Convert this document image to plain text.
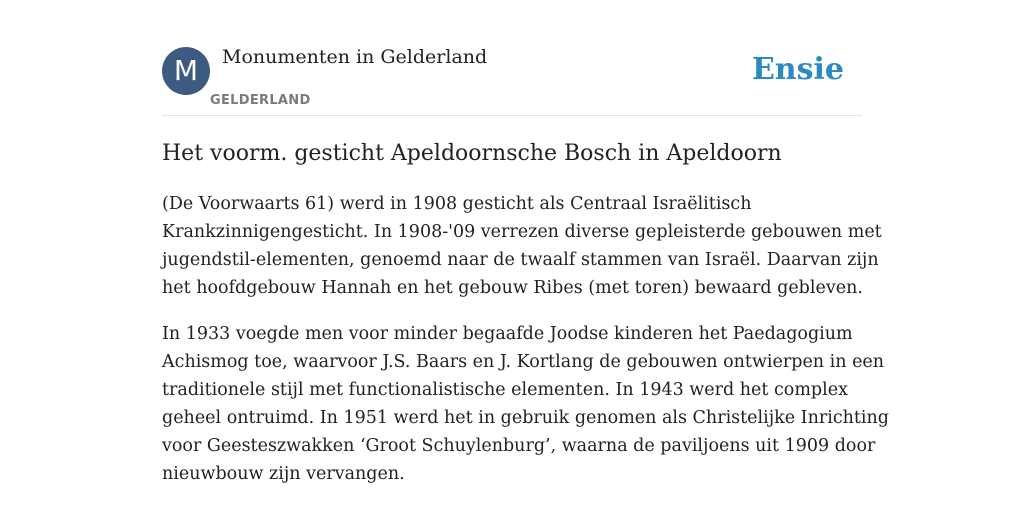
M	Monumenten in Gelderland
GELDERLAND
Ensie
Het voorm. gesticht Apeldoornsche Bosch in Apeldoorn

(De Voorwaarts 61) werd in 1908 gesticht als Centraal Israëlitisch
Krankzinnigengesticht. In 1908-'09 verrezen diverse gepleisterde gebouwen met
jugendstil-elementen, genoemd naar de twaalf stammen van Israël. Daarvan zijn
het hoofdgebouw Hannah en het gebouw Ribes (met toren) bewaard gebleven.

In 1933 voegde men voor minder begaafde Joodse kinderen het Paedagogium
Achismog toe, waarvoor J.S. Baars en J. Kortlang de gebouwen ontwierpen in een
traditionele stijl met functionalistische elementen. In 1943 werd het complex
geheel ontruimd. In 1951 werd het in gebruik genomen als Christelijke Inrichting
voor Geesteszwakken ‘Groot Schuylenburg’, waarna de paviljoens uit 1909 door
nieuwbouw zijn vervangen.
